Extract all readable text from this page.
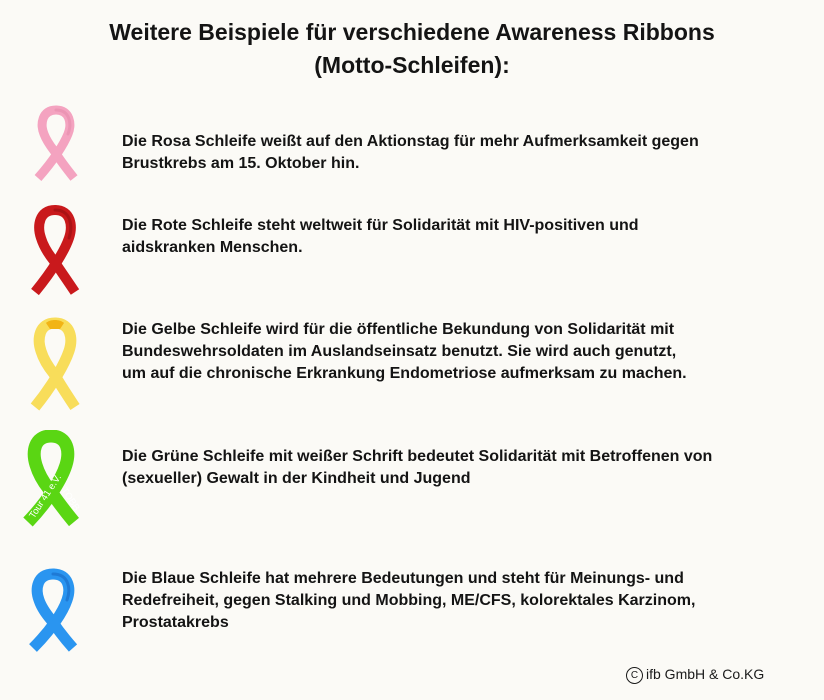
Weitere Beispiele für verschiedene Awareness Ribbons
(Motto-Schleifen):
Tour 41 e.V.
TOBB

Die Rosa Schleife weißt auf den Aktionstag für mehr Aufmerksamkeit gegen
Brustkrebs am 15. Oktober hin.

Die Rote Schleife steht weltweit für Solidarität mit HIV-positiven und
aidskranken Menschen.

Die Gelbe Schleife wird für die öffentliche Bekundung von Solidarität mit
Bundeswehrsoldaten im Auslandseinsatz benutzt. Sie wird auch genutzt,
um auf die chronische Erkrankung Endometriose aufmerksam zu machen.

Die Grüne Schleife mit weißer Schrift bedeutet Solidarität mit Betroffenen von
(sexueller) Gewalt in der Kindheit und Jugend

Die Blaue Schleife hat mehrere Bedeutungen und steht für Meinungs- und
Redefreiheit, gegen Stalking und Mobbing, ME/CFS, kolorektales Karzinom,
Prostatakrebs

C ifb GmbH & Co.KG
